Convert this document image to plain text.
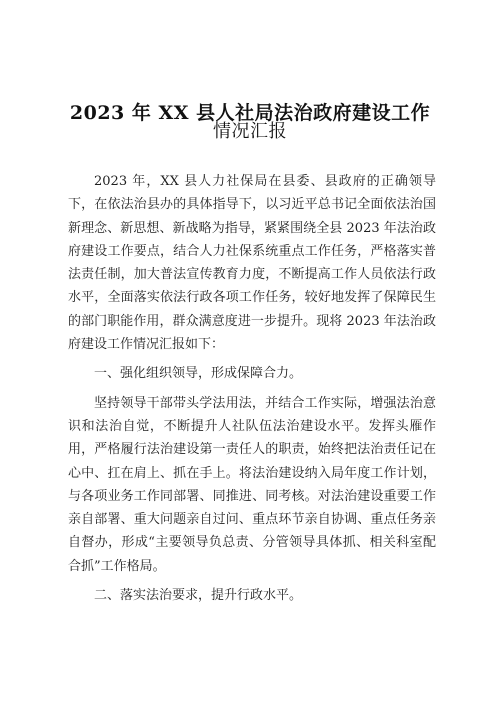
2023 年 XX 县人社局法治政府建设工作
情况汇报

2023 年，XX 县人力社保局在县委、县政府的正确领导下，在依法治县办的具体指导下，以习近平总书记全面依法治国新理念、新思想、新战略为指导，紧紧围绕全县 2023 年法治政府建设工作要点，结合人力社保系统重点工作任务，严格落实普法责任制，加大普法宣传教育力度，不断提高工作人员依法行政水平，全面落实依法行政各项工作任务，较好地发挥了保障民生的部门职能作用，群众满意度进一步提升。现将 2023 年法治政府建设工作情况汇报如下：

一、强化组织领导，形成保障合力。

坚持领导干部带头学法用法，并结合工作实际，增强法治意识和法治自觉，不断提升人社队伍法治建设水平。发挥头雁作用，严格履行法治建设第一责任人的职责，始终把法治责任记在心中、扛在肩上、抓在手上。将法治建设纳入局年度工作计划，与各项业务工作同部署、同推进、同考核。对法治建设重要工作亲自部署、重大问题亲自过问、重点环节亲自协调、重点任务亲自督办，形成“主要领导负总责、分管领导具体抓、相关科室配合抓”工作格局。

二、落实法治要求，提升行政水平。
